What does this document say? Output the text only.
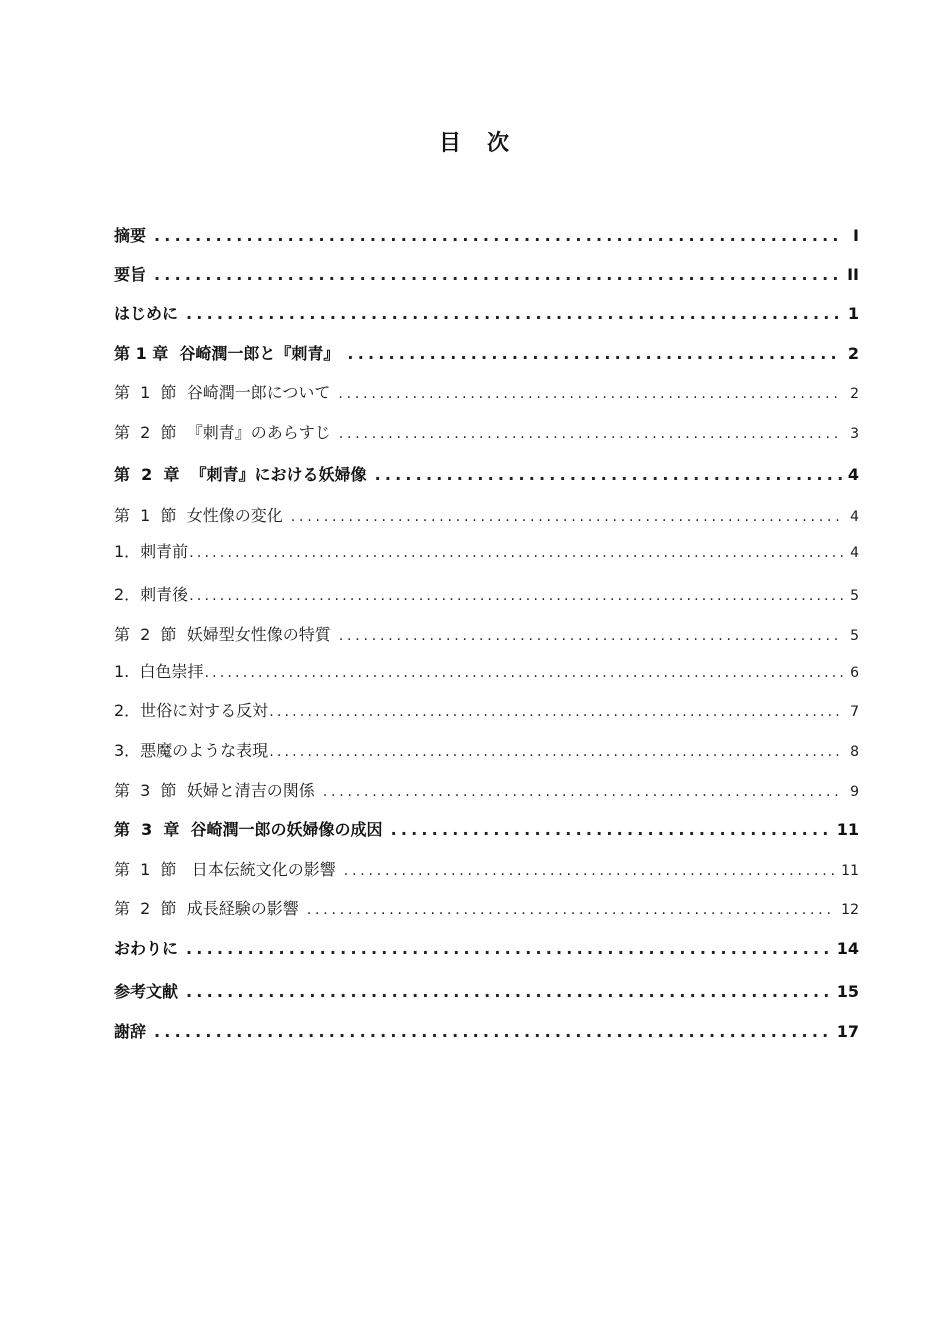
目　次
摘要 .....	I
要旨 .....	II
はじめに .....	1
第 1 章  谷崎潤一郎と『刺青』 .....	2
第  1  節  谷崎潤一郎について .....	2
第  2  節  『刺青』のあらすじ .....	3
第  2  章  『刺青』における妖婦像 .....	4
第  1  節  女性像の変化 .....	4
1．刺青前 .....	4
2．刺青後 .....	5
第  2  節  妖婦型女性像の特質 .....	5
1.  白色崇拝 .....	6
2．世俗に対する反対 .....	7
3．悪魔のような表現 .....	8
第  3  節  妖婦と清吉の関係 .....	9
第  3  章  谷崎潤一郎の妖婦像の成因 .....	11
第  1  節   日本伝統文化の影響 .....	11
第  2  節  成長経験の影響 .....	12
おわりに .....	14
参考文献 .....	15
謝辞 .....	17
